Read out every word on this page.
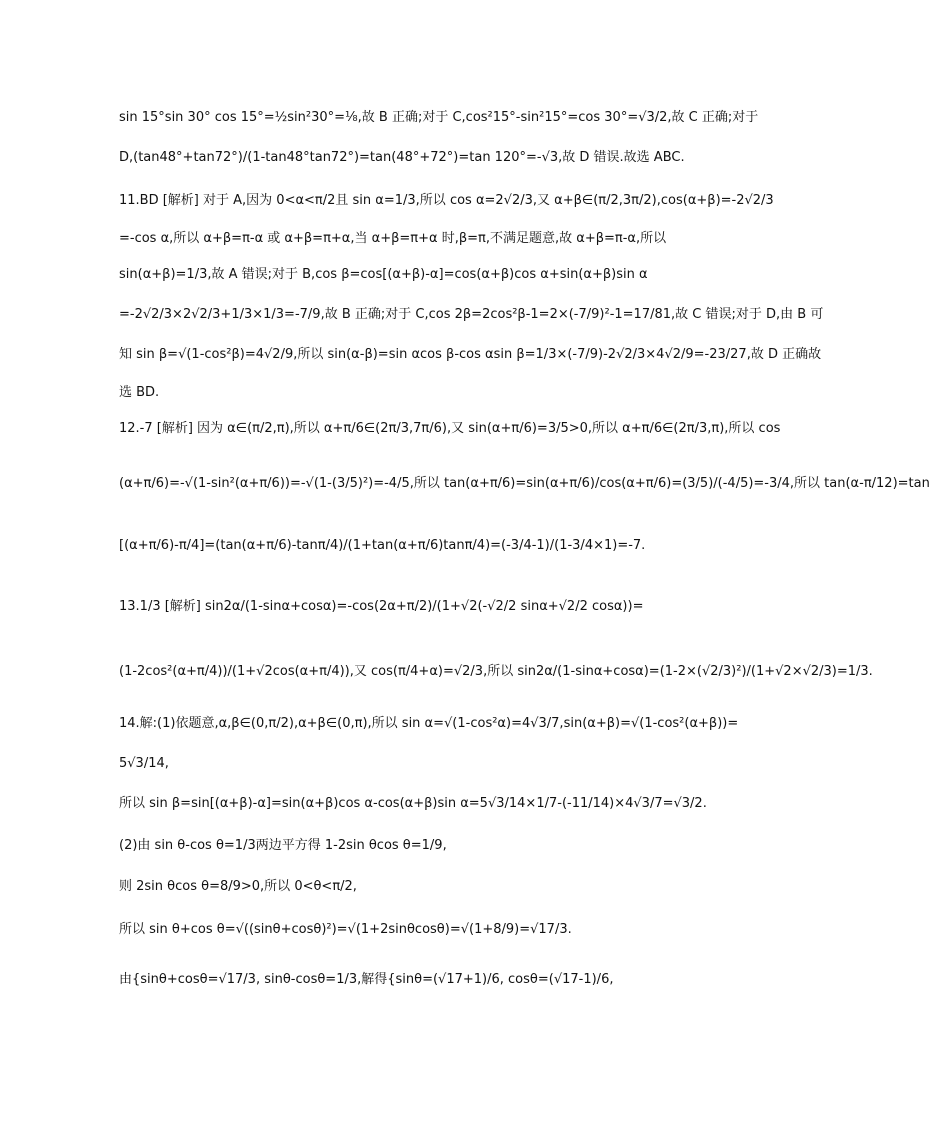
sin 15°sin 30° cos 15°=½sin²30°=⅛,故 B 正确;对于 C,cos²15°-sin²15°=cos 30°=√3/2,故 C 正确;对于
D,(tan48°+tan72°)/(1-tan48°tan72°)=tan(48°+72°)=tan 120°=-√3,故 D 错误.故选 ABC.
11.BD [解析] 对于 A,因为 0<α<π/2且 sin α=1/3,所以 cos α=2√2/3,又 α+β∈(π/2,3π/2),cos(α+β)=-2√2/3
=-cos α,所以 α+β=π-α 或 α+β=π+α,当 α+β=π+α 时,β=π,不满足题意,故 α+β=π-α,所以
sin(α+β)=1/3,故 A 错误;对于 B,cos β=cos[(α+β)-α]=cos(α+β)cos α+sin(α+β)sin α
=-2√2/3×2√2/3+1/3×1/3=-7/9,故 B 正确;对于 C,cos 2β=2cos²β-1=2×(-7/9)²-1=17/81,故 C 错误;对于 D,由 B 可
知 sin β=√(1-cos²β)=4√2/9,所以 sin(α-β)=sin αcos β-cos αsin β=1/3×(-7/9)-2√2/3×4√2/9=-23/27,故 D 正确故
选 BD.
12.-7 [解析] 因为 α∈(π/2,π),所以 α+π/6∈(2π/3,7π/6),又 sin(α+π/6)=3/5>0,所以 α+π/6∈(2π/3,π),所以 cos
(α+π/6)=-√(1-sin²(α+π/6))=-√(1-(3/5)²)=-4/5,所以 tan(α+π/6)=sin(α+π/6)/cos(α+π/6)=(3/5)/(-4/5)=-3/4,所以 tan(α-π/12)=tan
[(α+π/6)-π/4]=(tan(α+π/6)-tanπ/4)/(1+tan(α+π/6)tanπ/4)=(-3/4-1)/(1-3/4×1)=-7.
13.1/3 [解析] sin2α/(1-sinα+cosα)=-cos(2α+π/2)/(1+√2(-√2/2 sinα+√2/2 cosα))=
(1-2cos²(α+π/4))/(1+√2cos(α+π/4)),又 cos(π/4+α)=√2/3,所以 sin2α/(1-sinα+cosα)=(1-2×(√2/3)²)/(1+√2×√2/3)=1/3.
14.解:(1)依题意,α,β∈(0,π/2),α+β∈(0,π),所以 sin α=√(1-cos²α)=4√3/7,sin(α+β)=√(1-cos²(α+β))=
5√3/14,
所以 sin β=sin[(α+β)-α]=sin(α+β)cos α-cos(α+β)sin α=5√3/14×1/7-(-11/14)×4√3/7=√3/2.
(2)由 sin θ-cos θ=1/3两边平方得 1-2sin θcos θ=1/9,
则 2sin θcos θ=8/9>0,所以 0<θ<π/2,
所以 sin θ+cos θ=√((sinθ+cosθ)²)=√(1+2sinθcosθ)=√(1+8/9)=√17/3.
由{sinθ+cosθ=√17/3, sinθ-cosθ=1/3,解得{sinθ=(√17+1)/6, cosθ=(√17-1)/6,
